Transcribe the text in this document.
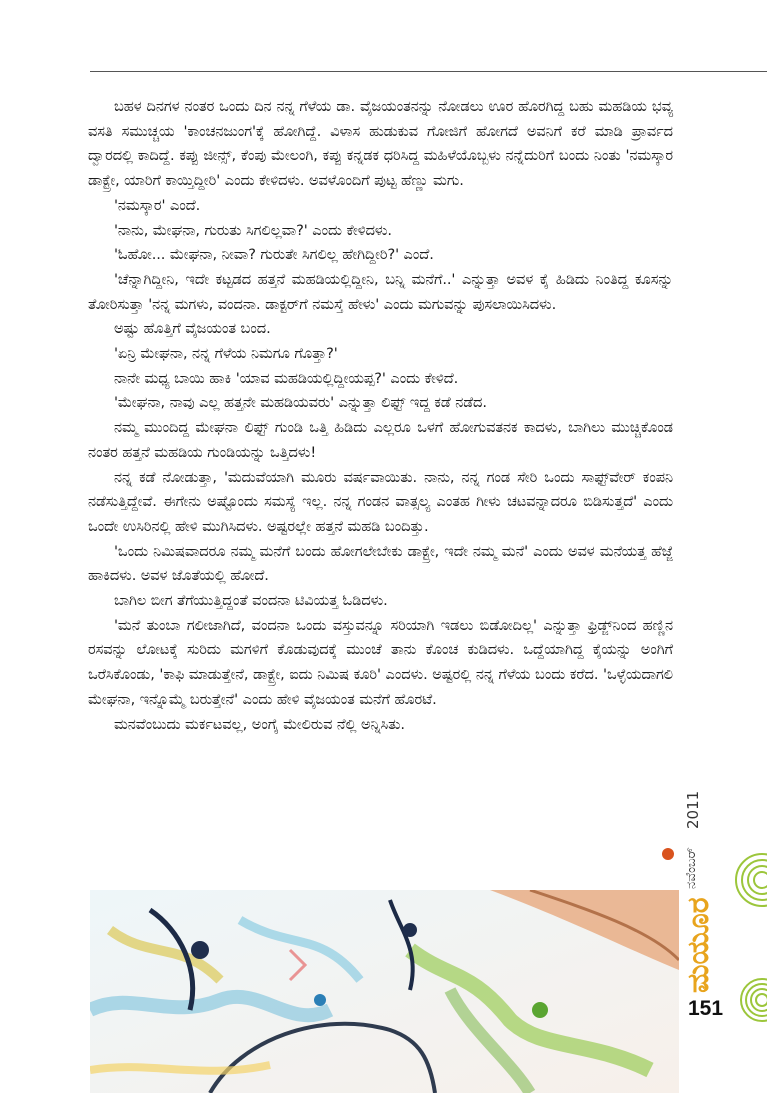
ಬಹಳ ದಿನಗಳ ನಂತರ ಒಂದು ದಿನ ನನ್ನ ಗೆಳೆಯ ಡಾ. ವೈಜಯಂತನನ್ನು ನೋಡಲು ಊರ ಹೊರಗಿದ್ದ ಬಹು ಮಹಡಿಯ ಭವ್ಯ ವಸತಿ ಸಮುಚ್ಚಯ 'ಕಾಂಚನಜುಂಗ'ಕ್ಕೆ ಹೋಗಿದ್ದೆ. ವಿಳಾಸ ಹುಡುಕುವ ಗೋಜಿಗೆ ಹೋಗದೆ ಅವನಿಗೆ ಕರೆ ಮಾಡಿ ಪ್ರಾರ್ವದ ದ್ವಾರದಲ್ಲಿ ಕಾದಿದ್ದೆ. ಕಪ್ಪು ಜೀನ್ಸ್, ಕೆಂಪು ಮೇಲಂಗಿ, ಕಪ್ಪು ಕನ್ನಡಕ ಧರಿಸಿದ್ದ ಮಹಿಳೆಯೊಬ್ಬಳು ನನ್ನೆದುರಿಗೆ ಬಂದು ನಿಂತು 'ನಮಸ್ಕಾರ ಡಾಕ್ಟ್ರೇ, ಯಾರಿಗೆ ಕಾಯ್ತಿದ್ದೀರಿ' ಎಂದು ಕೇಳಿದಳು. ಅವಳೊಂದಿಗೆ ಪುಟ್ಟ ಹೆಣ್ಣು ಮಗು.

'ನಮಸ್ಕಾರ' ಎಂದೆ.

'ನಾನು, ಮೇಘನಾ, ಗುರುತು ಸಿಗಲಿಲ್ಲವಾ?' ಎಂದು ಕೇಳಿದಳು.

'ಓಹೋ... ಮೇಘನಾ, ನೀವಾ? ಗುರುತೇ ಸಿಗಲಿಲ್ಲ ಹೇಗಿದ್ದೀರಿ?' ಎಂದೆ.

'ಚೆನ್ನಾಗಿದ್ದೀನಿ, ಇದೇ ಕಟ್ಟಡದ ಹತ್ತನೆ ಮಹಡಿಯಲ್ಲಿದ್ದೀನಿ, ಬನ್ನಿ ಮನೆಗೆ..' ಎನ್ನುತ್ತಾ ಅವಳ ಕೈ ಹಿಡಿದು ನಿಂತಿದ್ದ ಕೂಸನ್ನು ತೋರಿಸುತ್ತಾ 'ನನ್ನ ಮಗಳು, ವಂದನಾ. ಡಾಕ್ಟರ್‌ಗೆ ನಮಸ್ತೆ ಹೇಳು' ಎಂದು ಮಗುವನ್ನು ಪುಸಲಾಯಿಸಿದಳು.

ಅಷ್ಟು ಹೊತ್ತಿಗೆ ವೈಜಯಂತ ಬಂದ.

'ಏನ್ರಿ ಮೇಘನಾ, ನನ್ನ ಗೆಳೆಯ ನಿಮಗೂ ಗೊತ್ತಾ?'

ನಾನೇ ಮಧ್ಯ ಬಾಯಿ ಹಾಕಿ 'ಯಾವ ಮಹಡಿಯಲ್ಲಿದ್ದೀಯಪ್ಪ?' ಎಂದು ಕೇಳಿದೆ.

'ಮೇಘನಾ, ನಾವು ಎಲ್ಲ ಹತ್ತನೇ ಮಹಡಿಯವರು' ಎನ್ನುತ್ತಾ ಲಿಫ್ಟ್ ಇದ್ದ ಕಡೆ ನಡೆದ.

ನಮ್ಮ ಮುಂದಿದ್ದ ಮೇಘನಾ ಲಿಫ್ಟ್ ಗುಂಡಿ ಒತ್ತಿ ಹಿಡಿದು ಎಲ್ಲರೂ ಒಳಗೆ ಹೋಗುವತನಕ ಕಾದಳು, ಬಾಗಿಲು ಮುಚ್ಚಿಕೊಂಡ ನಂತರ ಹತ್ತನೆ ಮಹಡಿಯ ಗುಂಡಿಯನ್ನು ಒತ್ತಿದಳು!

ನನ್ನ ಕಡೆ ನೋಡುತ್ತಾ, 'ಮದುವೆಯಾಗಿ ಮೂರು ವರ್ಷವಾಯಿತು. ನಾನು, ನನ್ನ ಗಂಡ ಸೇರಿ ಒಂದು ಸಾಫ್ಟ್‌ವೇರ್ ಕಂಪನಿ ನಡೆಸುತ್ತಿದ್ದೇವೆ. ಈಗೇನು ಅಷ್ಟೊಂದು ಸಮಸ್ಯೆ ಇಲ್ಲ. ನನ್ನ ಗಂಡನ ವಾತ್ಸಲ್ಯ ಎಂತಹ ಗೀಳು ಚಟವನ್ನಾದರೂ ಬಿಡಿಸುತ್ತದೆ' ಎಂದು ಒಂದೇ ಉಸಿರಿನಲ್ಲಿ ಹೇಳಿ ಮುಗಿಸಿದಳು. ಅಷ್ಟರಲ್ಲೇ ಹತ್ತನೆ ಮಹಡಿ ಬಂದಿತ್ತು.

'ಒಂದು ನಿಮಿಷವಾದರೂ ನಮ್ಮ ಮನೆಗೆ ಬಂದು ಹೋಗಲೇಬೇಕು ಡಾಕ್ಟ್ರೇ, ಇದೇ ನಮ್ಮ ಮನೆ' ಎಂದು ಅವಳ ಮನೆಯತ್ತ ಹೆಜ್ಜೆ ಹಾಕಿದಳು. ಅವಳ ಜೊತೆಯಲ್ಲಿ ಹೋದೆ.

ಬಾಗಿಲ ಬೀಗ ತೆಗೆಯುತ್ತಿದ್ದಂತೆ ವಂದನಾ ಟಿವಿಯತ್ತ ಓಡಿದಳು.

'ಮನೆ ತುಂಬಾ ಗಲೀಜಾಗಿದೆ, ವಂದನಾ ಒಂದು ವಸ್ತುವನ್ನೂ ಸರಿಯಾಗಿ ಇಡಲು ಬಿಡೋದಿಲ್ಲ' ಎನ್ನುತ್ತಾ ಫ್ರಿಡ್ಜ್‌ನಿಂದ ಹಣ್ಣಿನ ರಸವನ್ನು ಲೋಟಕ್ಕೆ ಸುರಿದು ಮಗಳಿಗೆ ಕೊಡುವುದಕ್ಕೆ ಮುಂಚೆ ತಾನು ಕೊಂಚ ಕುಡಿದಳು. ಒದ್ದೆಯಾಗಿದ್ದ ಕೈಯನ್ನು ಅಂಗಿಗೆ ಒರೆಸಿಕೊಂಡು, 'ಕಾಫಿ ಮಾಡುತ್ತೇನೆ, ಡಾಕ್ಟ್ರೇ, ಐದು ನಿಮಿಷ ಕೂರಿ' ಎಂದಳು. ಅಷ್ಟರಲ್ಲಿ ನನ್ನ ಗೆಳೆಯ ಬಂದು ಕರೆದ. 'ಒಳ್ಳೆಯದಾಗಲಿ ಮೇಘನಾ, ಇನ್ನೊಮ್ಮೆ ಬರುತ್ತೇನೆ' ಎಂದು ಹೇಳಿ ವೈಜಯಂತ ಮನೆಗೆ ಹೊರಟೆ.

ಮನವೆಂಬುದು ಮರ್ಕಟವಲ್ಲ, ಅಂಗೈ ಮೇಲಿರುವ ನೆಲ್ಲಿ ಅನ್ನಿಸಿತು.

2011
ನವೆಂಬರ್
ಮಯೂರ
151
